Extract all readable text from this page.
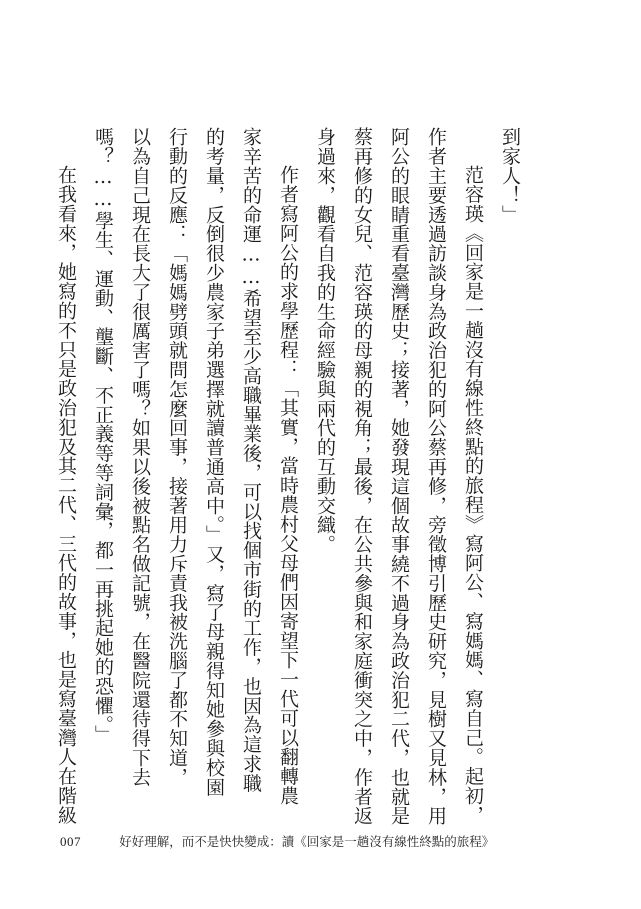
到家人！」
范容瑛《回家是一趟沒有線性終點的旅程》寫阿公、寫媽媽、寫自己。起初，
作者主要透過訪談身為政治犯的阿公蔡再修，旁徵博引歷史研究，見樹又見林，用
阿公的眼睛重看臺灣歷史；接著，她發現這個故事繞不過身為政治犯二代，也就是
蔡再修的女兒、范容瑛的母親的視角；最後，在公共參與和家庭衝突之中，作者返
身過來，觀看自我的生命經驗與兩代的互動交織。
作者寫阿公的求學歷程：「其實，當時農村父母們因寄望下一代可以翻轉農
家辛苦的命運……希望至少高職畢業後，可以找個市街的工作，也因為這求職
的考量，反倒很少農家子弟選擇就讀普通高中。」又，寫了母親得知她參與校園
行動的反應：「媽媽劈頭就問怎麼回事，接著用力斥責我被洗腦了都不知道，
以為自己現在長大了很厲害了嗎？如果以後被點名做記號，在醫院還待得下去
嗎？……學生、運動、壟斷、不正義等等詞彙，都一再挑起她的恐懼。」
在我看來，她寫的不只是政治犯及其二代、三代的故事，也是寫臺灣人在階級
007	好好理解，而不是快快變成：讀《回家是一趟沒有線性終點的旅程》
